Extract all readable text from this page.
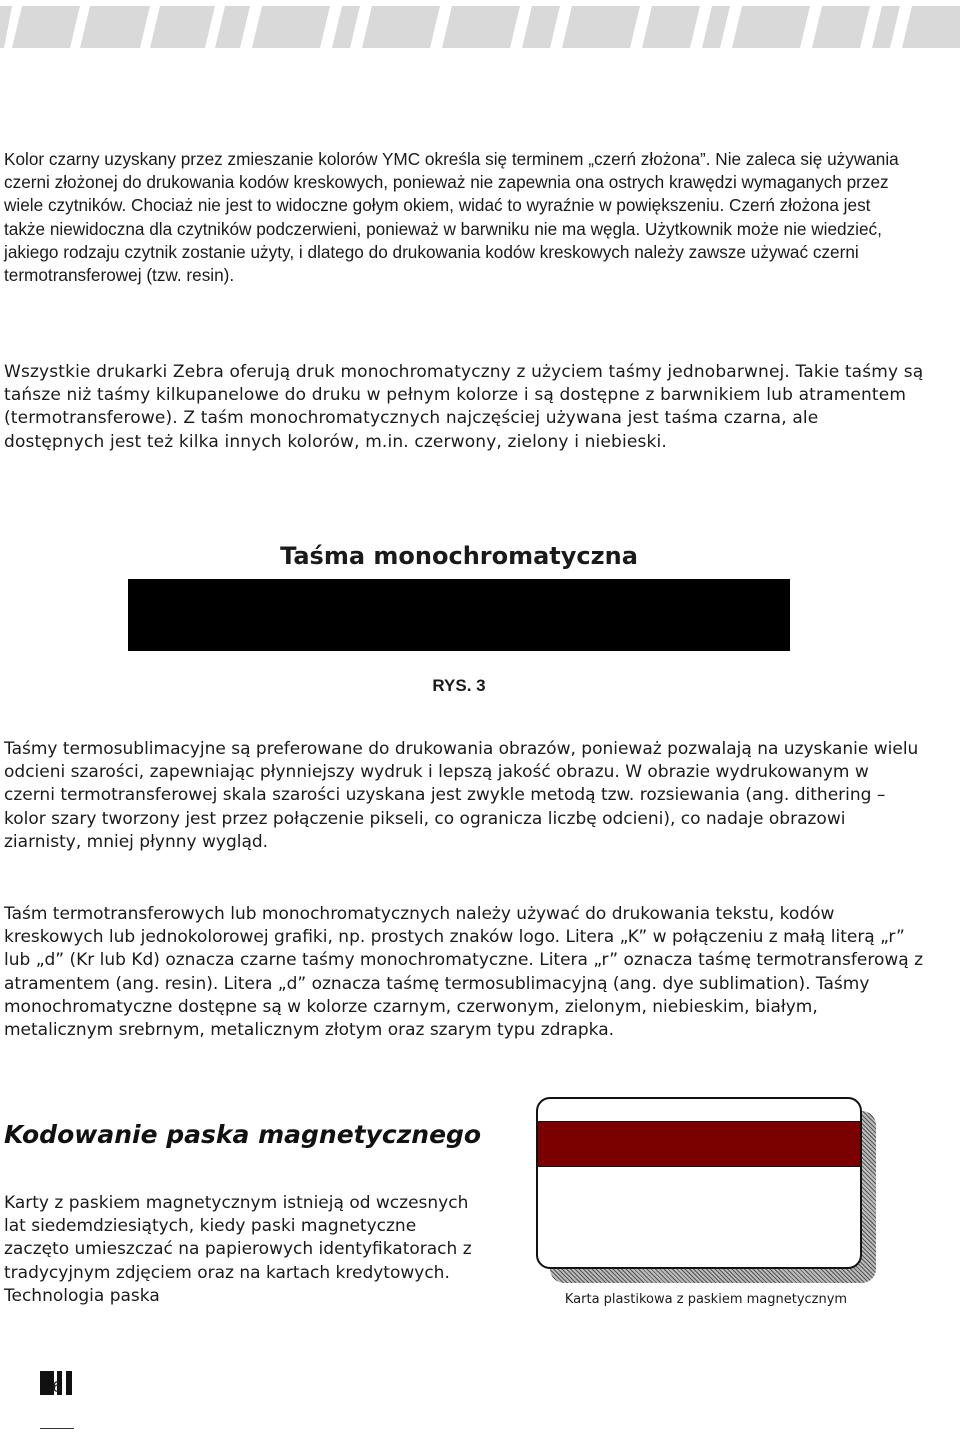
Kolor czarny uzyskany przez zmieszanie kolorów YMC określa się terminem „czerń złożona”. Nie zaleca się używania czerni złożonej do drukowania kodów kreskowych, ponieważ nie zapewnia ona ostrych krawędzi wymaganych przez wiele czytników. Chociaż nie jest to widoczne gołym okiem, widać to wyraźnie w powiększeniu. Czerń złożona jest także niewidoczna dla czytników podczerwieni, ponieważ w barwniku nie ma węgla. Użytkownik może nie wiedzieć, jakiego rodzaju czytnik zostanie użyty, i dlatego do drukowania kodów kreskowych należy zawsze używać czerni termotransferowej (tzw. resin).

Wszystkie drukarki Zebra oferują druk monochromatyczny z użyciem taśmy jednobarwnej. Takie taśmy są tańsze niż taśmy kilkupanelowe do druku w pełnym kolorze i są dostępne z barwnikiem lub atramentem (termotransferowe). Z taśm monochromatycznych najczęściej używana jest taśma czarna, ale dostępnych jest też kilka innych kolorów, m.in. czerwony, zielony i niebieski.

Taśma monochromatyczna

RYS. 3

Taśmy termosublimacyjne są preferowane do drukowania obrazów, ponieważ pozwalają na uzyskanie wielu odcieni szarości, zapewniając płynniejszy wydruk i lepszą jakość obrazu. W obrazie wydrukowanym w czerni termotransferowej skala szarości uzyskana jest zwykle metodą tzw. rozsiewania (ang. dithering – kolor szary tworzony jest przez połączenie pikseli, co ogranicza liczbę odcieni), co nadaje obrazowi ziarnisty, mniej płynny wygląd.

Taśm termotransferowych lub monochromatycznych należy używać do drukowania tekstu, kodów kreskowych lub jednokolorowej grafiki, np. prostych znaków logo. Litera „K” w połączeniu z małą literą „r” lub „d” (Kr lub Kd) oznacza czarne taśmy monochromatyczne. Litera „r” oznacza taśmę termotransferową z atramentem (ang. resin). Litera „d” oznacza taśmę termosublimacyjną (ang. dye sublimation). Taśmy monochromatyczne dostępne są w kolorze czarnym, czerwonym, zielonym, niebieskim, białym, metalicznym srebrnym, metalicznym złotym oraz szarym typu zdrapka.

Kodowanie paska magnetycznego

Karty z paskiem magnetycznym istnieją od wczesnych lat siedemdziesiątych, kiedy paski magnetyczne zaczęto umieszczać na papierowych identyfikatorach z tradycyjnym zdjęciem oraz na kartach kredytowych. Technologia paska	Karta plastikowa z paskiem magnetycznym

6
